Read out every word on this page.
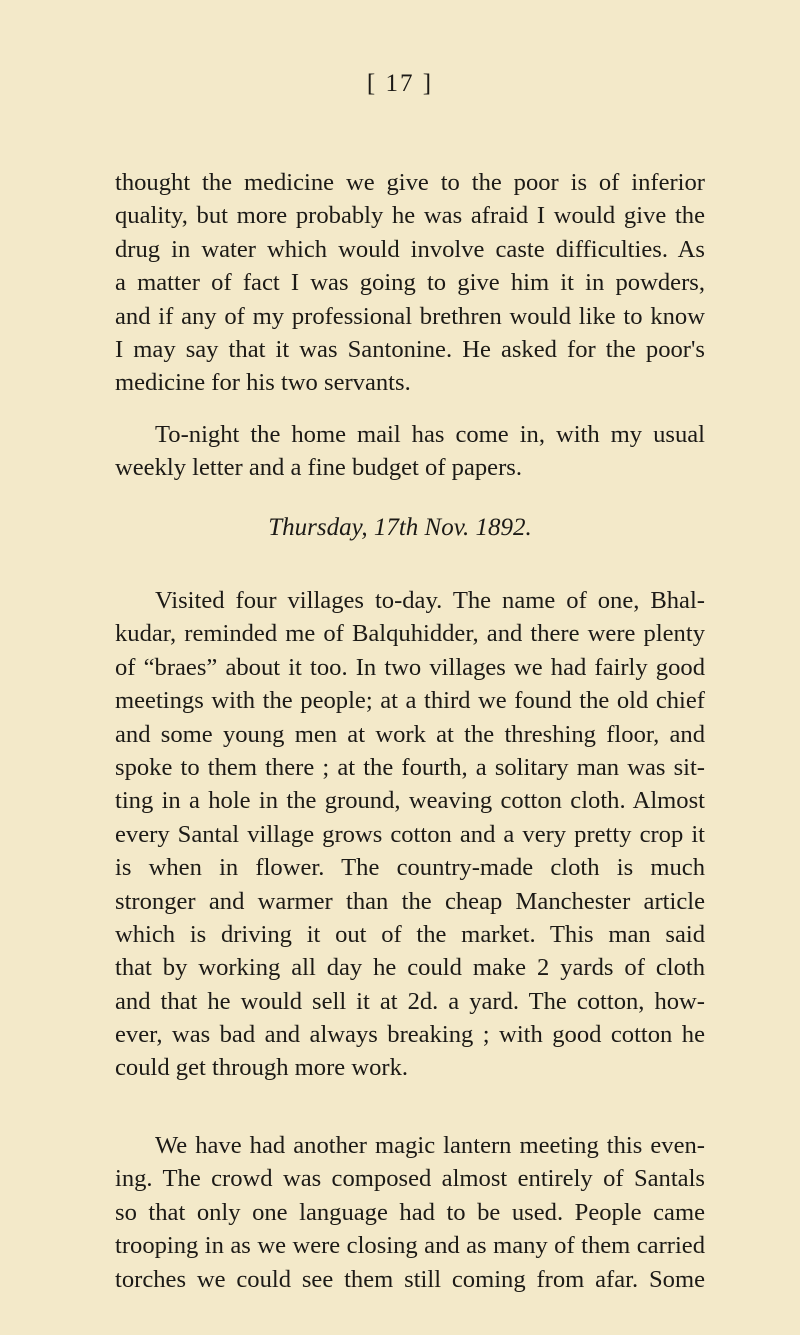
[ 17 ]
thought the medicine we give to the poor is of inferior
quality, but more probably he was afraid I would give the
drug in water which would involve caste difficulties. As
a matter of fact I was going to give him it in powders,
and if any of my professional brethren would like to know
I may say that it was Santonine. He asked for the poor's
medicine for his two servants.
To-night the home mail has come in, with my usual
weekly letter and a fine budget of papers.
Thursday, 17th Nov. 1892.
Visited four villages to-day. The name of one, Bhal-
kudar, reminded me of Balquhidder, and there were plenty
of “braes” about it too. In two villages we had fairly good
meetings with the people; at a third we found the old chief
and some young men at work at the threshing floor, and
spoke to them there ; at the fourth, a solitary man was sit-
ting in a hole in the ground, weaving cotton cloth. Almost
every Santal village grows cotton and a very pretty crop it
is when in flower. The country-made cloth is much
stronger and warmer than the cheap Manchester article
which is driving it out of the market. This man said
that by working all day he could make 2 yards of cloth
and that he would sell it at 2d. a yard. The cotton, how-
ever, was bad and always breaking ; with good cotton he
could get through more work.
We have had another magic lantern meeting this even-
ing. The crowd was composed almost entirely of Santals
so that only one language had to be used. People came
trooping in as we were closing and as many of them carried
torches we could see them still coming from afar. Some
